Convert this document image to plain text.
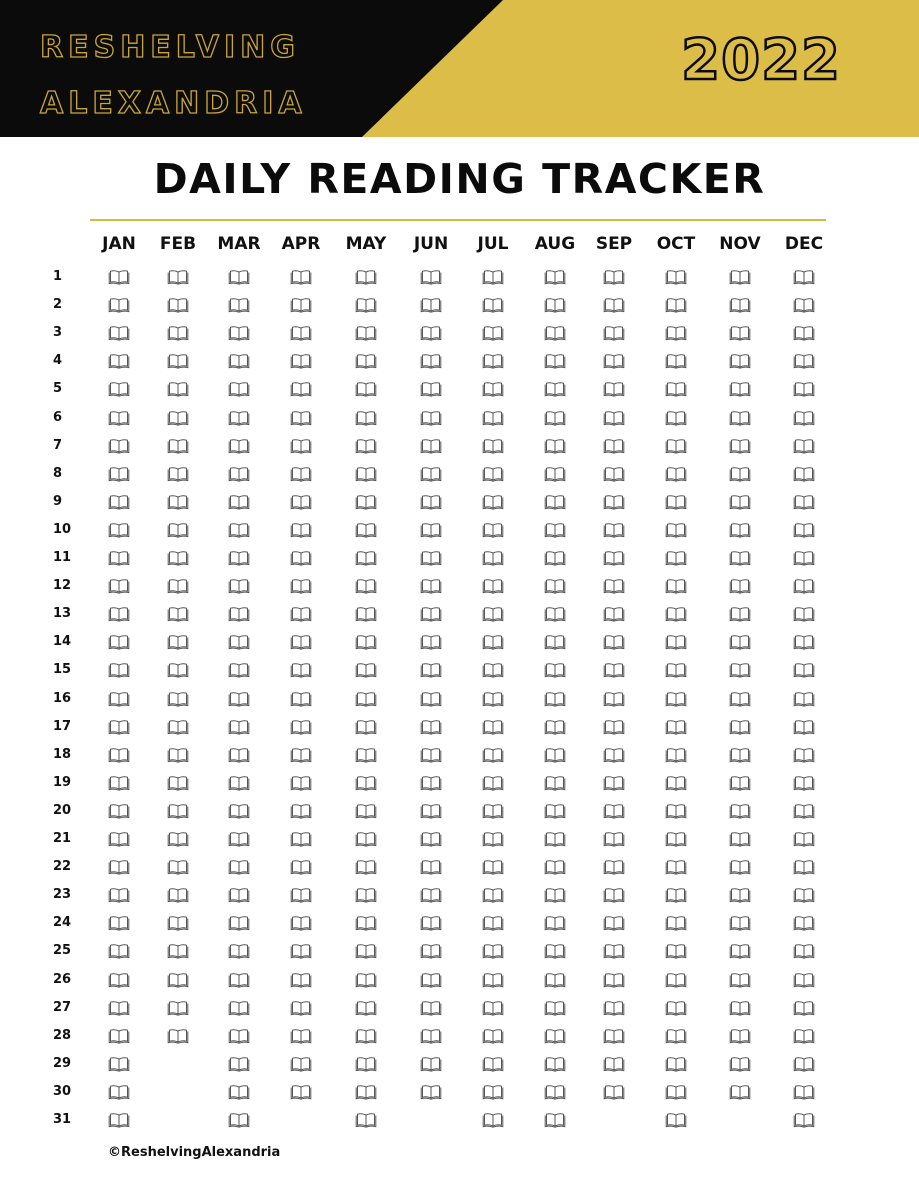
RESHELVING
ALEXANDRIA
2022
DAILY READING TRACKER
JAN	FEB	MAR	APR	MAY	JUN	JUL	AUG	SEP	OCT	NOV	DEC
1
2
3
4
5
6
7
8
9
10
11
12
13
14
15
16
17
18
19
20
21
22
23
24
25
26
27
28
29
30
31
©ReshelvingAlexandria
